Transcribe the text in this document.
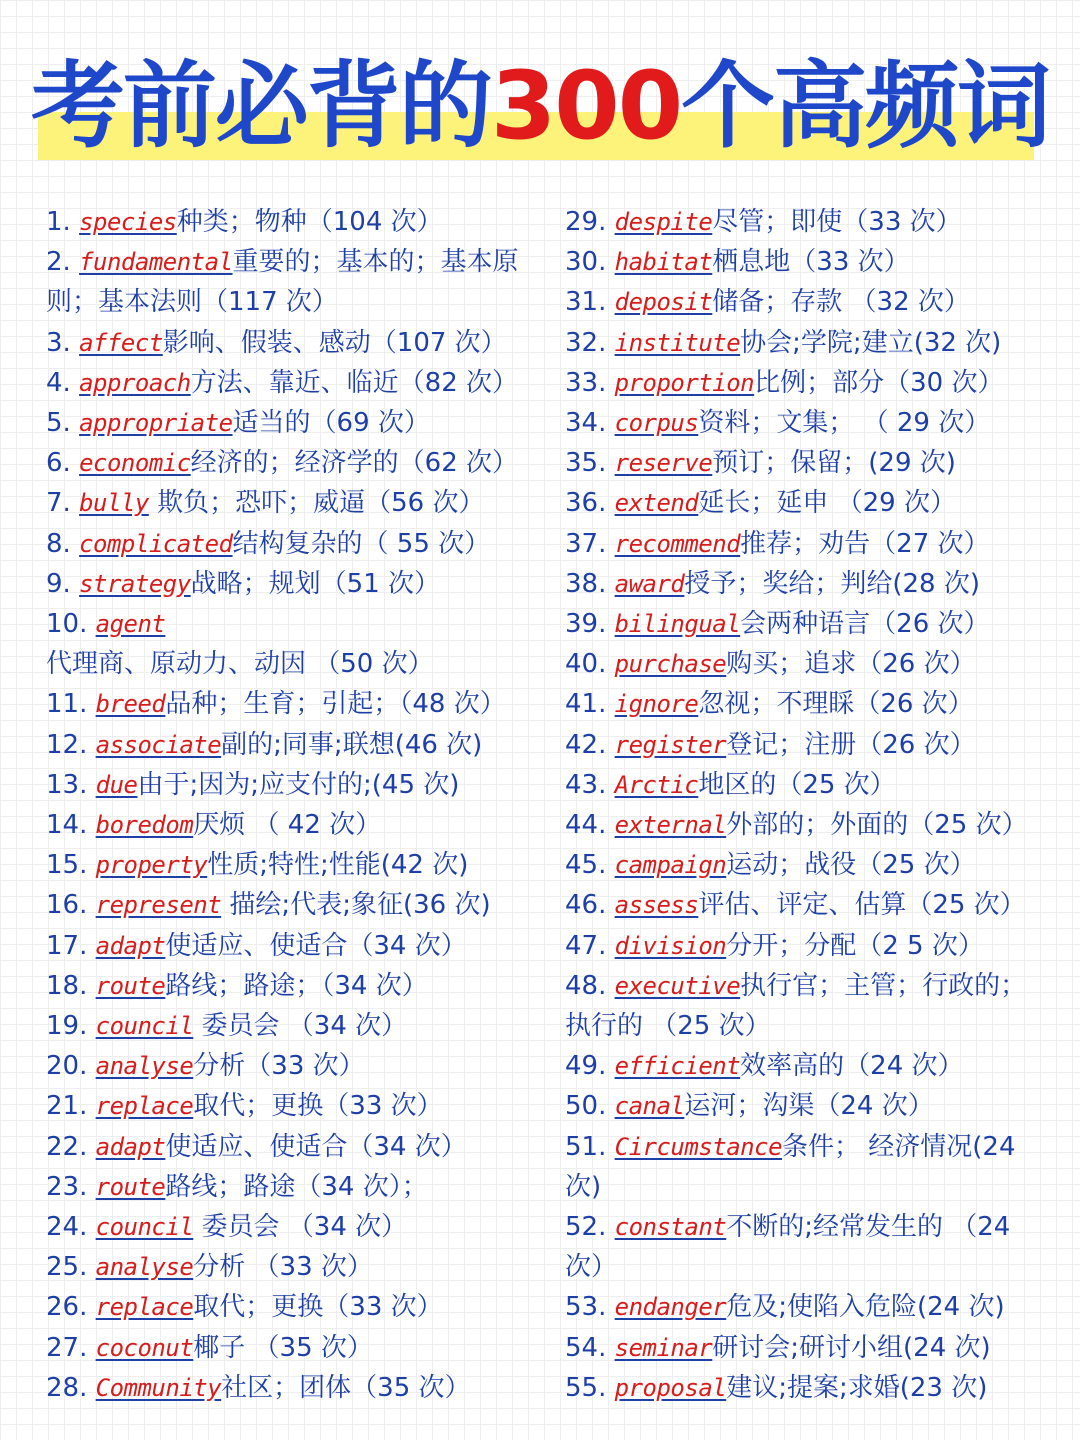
考前必背的300个高频词
1. species种类；物种（104 次）
2. fundamental重要的；基本的；基本原则；基本法则（117 次）
3. affect影响、假装、感动（107 次）
4. approach方法、靠近、临近（82 次）
5. appropriate适当的（69 次）
6. economic经济的；经济学的（62 次）
7. bully 欺负；恐吓；威逼（56 次）
8. complicated结构复杂的（ 55 次）
9. strategy战略；规划（51 次）
10. agent代理商、原动力、动因 （50 次）
11. breed品种；生育；引起；（48 次）
12. associate副的;同事;联想(46 次)
13. due由于;因为;应支付的;(45 次)
14. boredom厌烦 （ 42 次）
15. property性质;特性;性能(42 次)
16. represent 描绘;代表;象征(36 次)
17. adapt使适应、使适合（34 次）
18. route路线；路途；（34 次）
19. council 委员会 （34 次）
20. analyse分析（33 次）
21. replace取代；更换（33 次）
22. adapt使适应、使适合（34 次）
23. route路线；路途（34 次）；
24. council 委员会 （34 次）
25. analyse分析 （33 次）
26. replace取代；更换（33 次）
27. coconut椰子 （35 次）
28. Community社区；团体（35 次）
29. despite尽管；即使（33 次）
30. habitat栖息地（33 次）
31. deposit储备；存款 （32 次）
32. institute协会;学院;建立(32 次)
33. proportion比例；部分（30 次）
34. corpus资料；文集； （ 29 次）
35. reserve预订；保留；(29 次)
36. extend延长；延申 （29 次）
37. recommend推荐；劝告（27 次）
38. award授予；奖给；判给(28 次)
39. bilingual会两种语言（26 次）
40. purchase购买；追求（26 次）
41. ignore忽视；不理睬（26 次）
42. register登记；注册（26 次）
43. Arctic地区的（25 次）
44. external外部的；外面的（25 次）
45. campaign运动；战役（25 次）
46. assess评估、评定、估算（25 次）
47. division分开；分配（2 5 次）
48. executive执行官；主管；行政的；执行的 （25 次）
49. efficient效率高的（24 次）
50. canal运河；沟渠（24 次）
51. Circumstance条件； 经济情况(24 次)
52. constant不断的;经常发生的 （24 次）
53. endanger危及;使陷入危险(24 次)
54. seminar研讨会;研讨小组(24 次)
55. proposal建议;提案;求婚(23 次)
